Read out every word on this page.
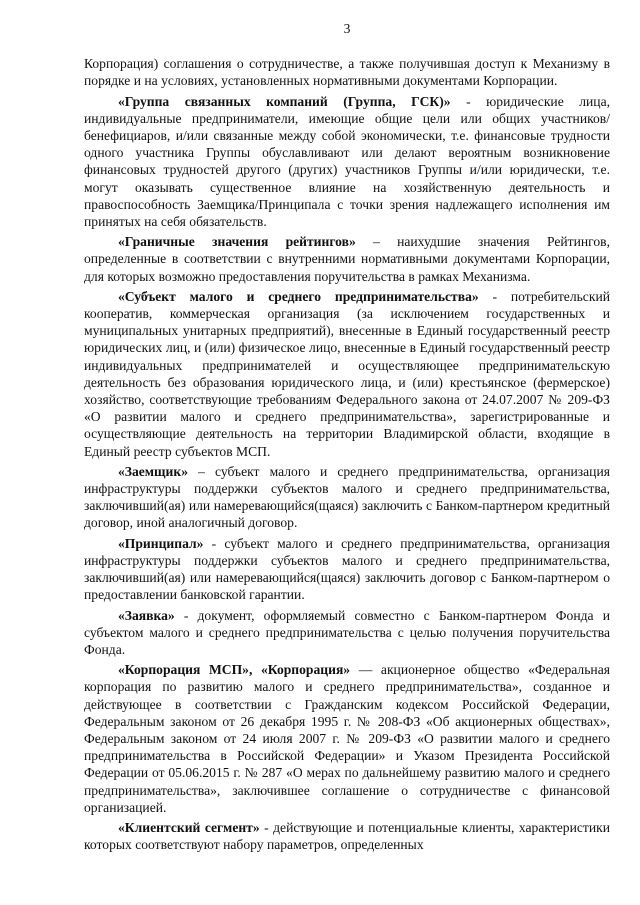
3

Корпорация) соглашения о сотрудничестве, а также получившая доступ к Механизму в порядке и на условиях, установленных нормативными документами Корпорации.

«Группа связанных компаний (Группа, ГСК)» - юридические лица, индивидуальные предприниматели, имеющие общие цели или общих участников/бенефициаров, и/или связанные между собой экономически, т.е. финансовые трудности одного участника Группы обуславливают или делают вероятным возникновение финансовых трудностей другого (других) участников Группы и/или юридически, т.е. могут оказывать существенное влияние на хозяйственную деятельность и правоспособность Заемщика/Принципала с точки зрения надлежащего исполнения им принятых на себя обязательств.

«Граничные значения рейтингов» – наихудшие значения Рейтингов, определенные в соответствии с внутренними нормативными документами Корпорации, для которых возможно предоставления поручительства в рамках Механизма.

«Субъект малого и среднего предпринимательства» - потребительский кооператив, коммерческая организация (за исключением государственных и муниципальных унитарных предприятий), внесенные в Единый государственный реестр юридических лиц, и (или) физическое лицо, внесенные в Единый государственный реестр индивидуальных предпринимателей и осуществляющее предпринимательскую деятельность без образования юридического лица, и (или) крестьянское (фермерское) хозяйство, соответствующие требованиям Федерального закона от 24.07.2007 № 209-ФЗ «О развитии малого и среднего предпринимательства», зарегистрированные и осуществляющие деятельность на территории Владимирской области, входящие в Единый реестр субъектов МСП.

«Заемщик» – субъект малого и среднего предпринимательства, организация инфраструктуры поддержки субъектов малого и среднего предпринимательства, заключивший(ая) или намеревающийся(щаяся) заключить с Банком-партнером кредитный договор, иной аналогичный договор.

«Принципал» - субъект малого и среднего предпринимательства, организация инфраструктуры поддержки субъектов малого и среднего предпринимательства, заключивший(ая) или намеревающийся(щаяся) заключить договор с Банком-партнером о предоставлении банковской гарантии.

«Заявка» - документ, оформляемый совместно с Банком-партнером Фонда и субъектом малого и среднего предпринимательства с целью получения поручительства Фонда.

«Корпорация МСП», «Корпорация» — акционерное общество «Федеральная корпорация по развитию малого и среднего предпринимательства», созданное и действующее в соответствии с Гражданским кодексом Российской Федерации, Федеральным законом от 26 декабря 1995 г. № 208-ФЗ «Об акционерных обществах», Федеральным законом от 24 июля 2007 г. № 209-ФЗ «О развитии малого и среднего предпринимательства в Российской Федерации» и Указом Президента Российской Федерации от 05.06.2015 г. № 287 «О мерах по дальнейшему развитию малого и среднего предпринимательства», заключившее соглашение о сотрудничестве с финансовой организацией.

«Клиентский сегмент» - действующие и потенциальные клиенты, характеристики которых соответствуют набору параметров, определенных
